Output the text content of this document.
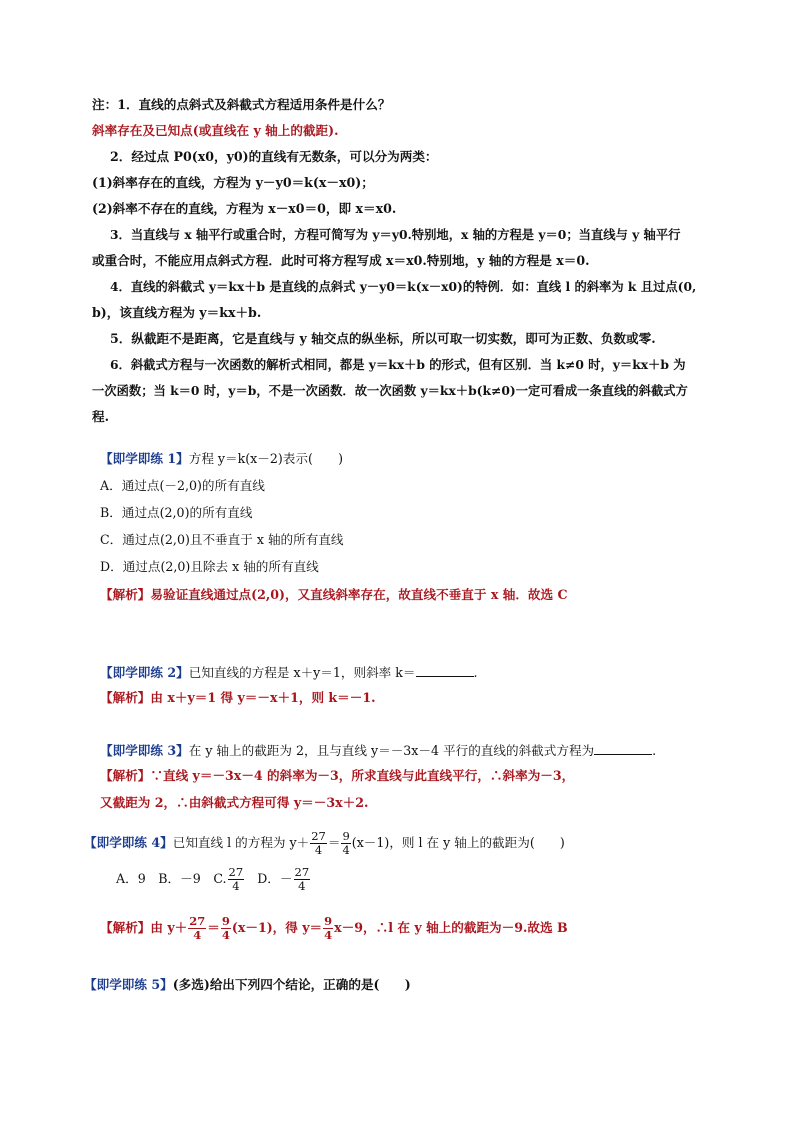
注：1．直线的点斜式及斜截式方程适用条件是什么？
斜率存在及已知点(或直线在 y 轴上的截距).
2．经过点 P0(x0，y0)的直线有无数条，可以分为两类：
(1)斜率存在的直线，方程为 y－y0＝k(x－x0)；
(2)斜率不存在的直线，方程为 x－x0＝0，即 x＝x0.
3．当直线与 x 轴平行或重合时，方程可简写为 y＝y0.特别地，x 轴的方程是 y＝0；当直线与 y 轴平行
或重合时，不能应用点斜式方程．此时可将方程写成 x＝x0.特别地，y 轴的方程是 x＝0.
4．直线的斜截式 y＝kx＋b 是直线的点斜式 y－y0＝k(x－x0)的特例．如：直线 l 的斜率为 k 且过点(0,
b)，该直线方程为 y＝kx＋b.
5．纵截距不是距离，它是直线与 y 轴交点的纵坐标，所以可取一切实数，即可为正数、负数或零.
6．斜截式方程与一次函数的解析式相同，都是 y＝kx＋b 的形式，但有区别．当 k≠0 时，y＝kx＋b 为
一次函数；当 k＝0 时，y＝b，不是一次函数．故一次函数 y＝kx＋b(k≠0)一定可看成一条直线的斜截式方
程.
【即学即练 1】方程 y＝k(x－2)表示(　　)
A．通过点(－2,0)的所有直线
B．通过点(2,0)的所有直线
C．通过点(2,0)且不垂直于 x 轴的所有直线
D．通过点(2,0)且除去 x 轴的所有直线
【解析】易验证直线通过点(2,0)，又直线斜率存在，故直线不垂直于 x 轴．故选 C
【即学即练 2】已知直线的方程是 x＋y＝1，则斜率 k＝	.
【解析】由 x＋y＝1 得 y＝－x＋1，则 k＝－1.
【即学即练 3】在 y 轴上的截距为 2，且与直线 y＝－3x－4 平行的直线的斜截式方程为	.
【解析】∵直线 y＝－3x－4 的斜率为－3，所求直线与此直线平行，∴斜率为－3，
又截距为 2，∴由斜截式方程可得 y＝－3x＋2.
【即学即练 4】已知直线 l 的方程为 $y+ \frac{27}{4} = \frac{9}{4} (x-1)$，则 l 在 y 轴上的截距为(　　)
A．9　B．－9　C. $\frac{27}{4}$ D．－ $\frac{27}{4}$
【解析】由 $y+ \frac{27}{4} = \frac{9}{4} (x-1)$，得 $y= \frac{9}{4} x-9$，∴l 在 y 轴上的截距为－9.故选 B
【即学即练 5】(多选)给出下列四个结论，正确的是(　　)
